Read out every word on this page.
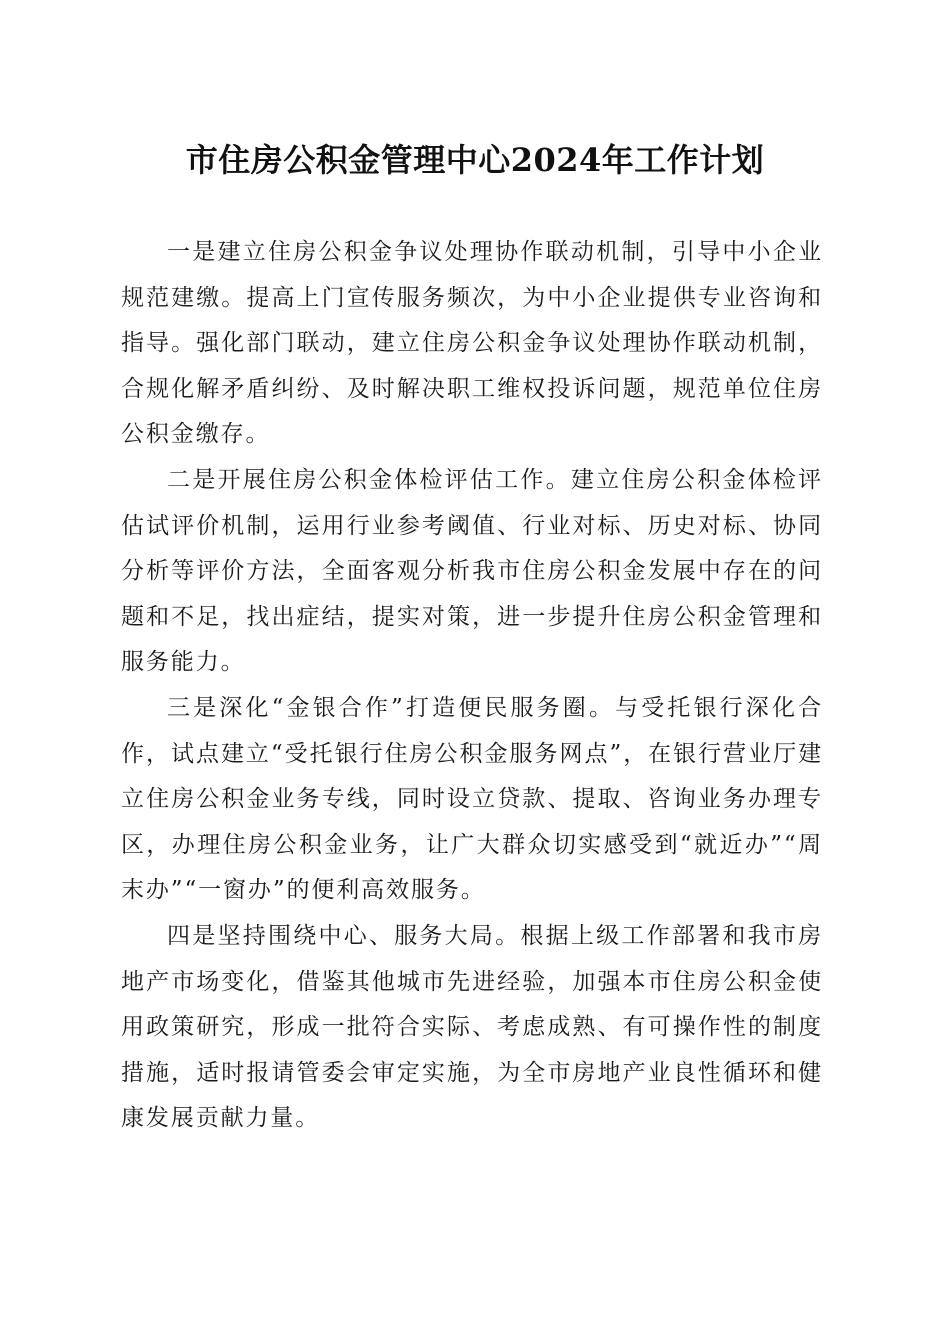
市住房公积金管理中心2024年工作计划

一是建立住房公积金争议处理协作联动机制，引导中小企业规范建缴。提高上门宣传服务频次，为中小企业提供专业咨询和指导。强化部门联动，建立住房公积金争议处理协作联动机制，合规化解矛盾纠纷、及时解决职工维权投诉问题，规范单位住房公积金缴存。

二是开展住房公积金体检评估工作。建立住房公积金体检评估试评价机制，运用行业参考阈值、行业对标、历史对标、协同分析等评价方法，全面客观分析我市住房公积金发展中存在的问题和不足，找出症结，提实对策，进一步提升住房公积金管理和服务能力。

三是深化“金银合作”打造便民服务圈。与受托银行深化合作，试点建立“受托银行住房公积金服务网点”，在银行营业厅建立住房公积金业务专线，同时设立贷款、提取、咨询业务办理专区，办理住房公积金业务，让广大群众切实感受到“就近办”“周末办”“一窗办”的便利高效服务。

四是坚持围绕中心、服务大局。根据上级工作部署和我市房地产市场变化，借鉴其他城市先进经验，加强本市住房公积金使用政策研究，形成一批符合实际、考虑成熟、有可操作性的制度措施，适时报请管委会审定实施，为全市房地产业良性循环和健康发展贡献力量。
